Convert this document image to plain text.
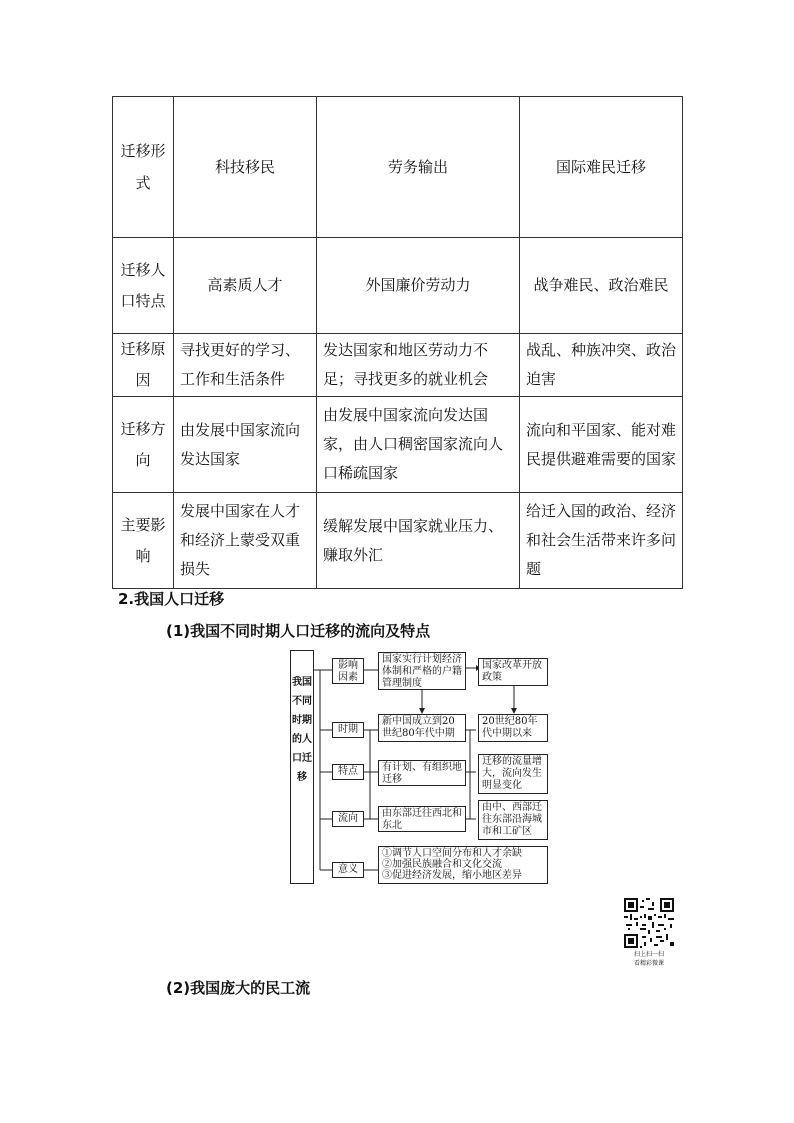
迁移形式	科技移民	劳务输出	国际难民迁移
迁移人口特点	高素质人才	外国廉价劳动力	战争难民、政治难民
迁移原因	寻找更好的学习、工作和生活条件	发达国家和地区劳动力不足；寻找更多的就业机会	战乱、种族冲突、政治迫害
迁移方向	由发展中国家流向发达国家	由发展中国家流向发达国家，由人口稠密国家流向人口稀疏国家	流向和平国家、能对难民提供避难需要的国家
主要影响	发展中国家在人才和经济上蒙受双重损失	缓解发展中国家就业压力、赚取外汇	给迁入国的政治、经济和社会生活带来许多问题
2.我国人口迁移
(1)我国不同时期人口迁移的流向及特点
我国不同时期的人口迁移
影响因素
时期
特点
流向
意义
国家实行计划经济体制和严格的户籍管理制度
新中国成立到20世纪80年代中期
有计划、有组织地迁移
由东部迁往西北和东北
国家改革开放政策
20世纪80年代中期以来
迁移的流量增大，流向发生明显变化
由中、西部迁往东部沿海城市和工矿区
①调节人口空间分布和人才余缺
②加强民族融合和文化交流
③促进经济发展，缩小地区差异
扫上扫一扫
看精彩微课
(2)我国庞大的民工流
